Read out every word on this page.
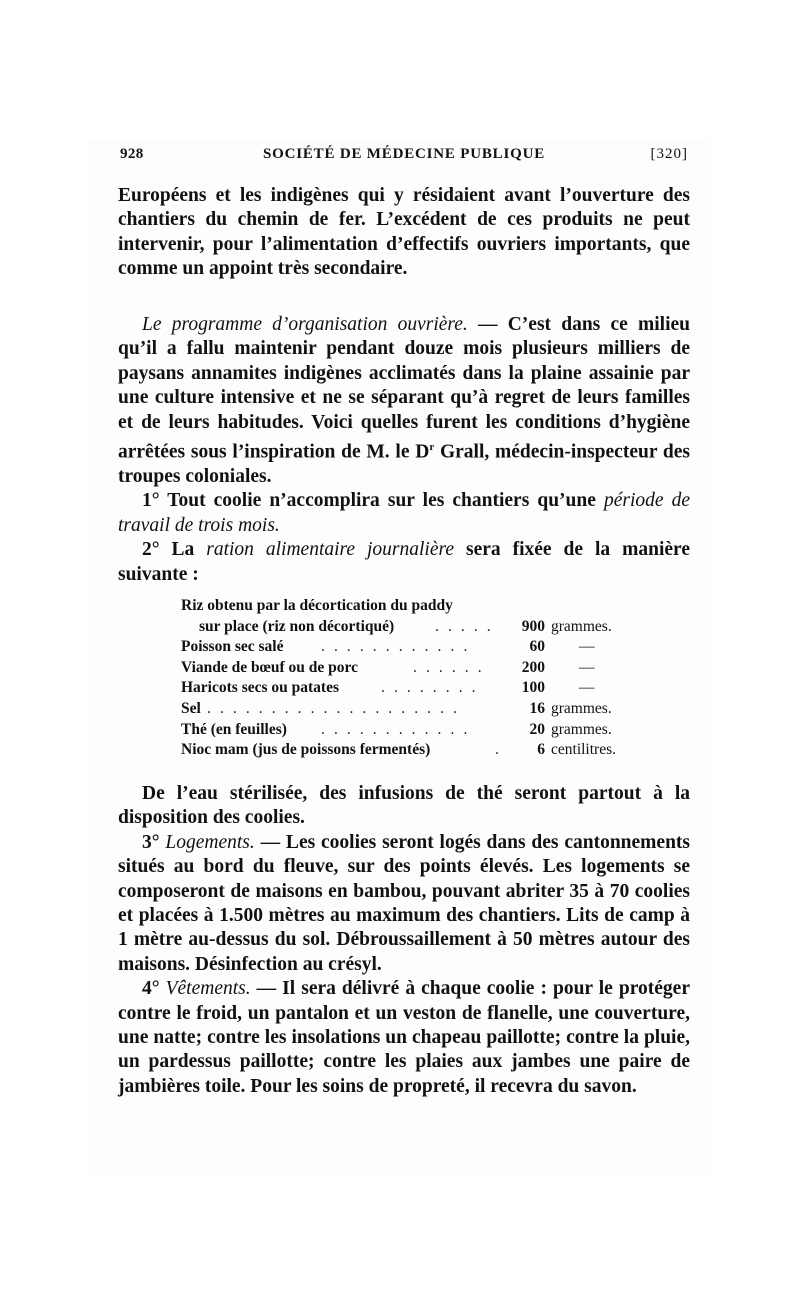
928	SOCIÉTÉ DE MÉDECINE PUBLIQUE	[320]

Européens et les indigènes qui y résidaient avant l’ouverture des chantiers du chemin de fer. L’excédent de ces produits ne peut intervenir, pour l’alimentation d’effectifs ouvriers importants, que comme un appoint très secondaire.

Le programme d’organisation ouvrière. — C’est dans ce milieu qu’il a fallu maintenir pendant douze mois plusieurs milliers de paysans annamites indigènes acclimatés dans la plaine assainie par une culture intensive et ne se séparant qu’à regret de leurs familles et de leurs habitudes. Voici quelles furent les conditions d’hygiène arrêtées sous l’inspiration de M. le $D^r$ Grall, médecin-inspecteur des troupes coloniales.

1° Tout coolie n’accomplira sur les chantiers qu’une période de travail de trois mois.

2° La ration alimentaire journalière sera fixée de la manière suivante :

Riz obtenu par la décortication du paddy
sur place (riz non décortiqué)	. . . . .	900 grammes.
Poisson sec salé . . . . . . . . . . . .	60 —
Viande de bœuf ou de porc	. . . . . .	200 —
Haricots secs ou patates	. . . . . . . .	100 —
Sel . . . . . . . . . . . . . . . . . . . .	16 grammes.
Thé (en feuilles) . . . . . . . . . . . .	20 grammes.
Nioc mam (jus de poissons fermentés)	.	6 centilitres.

De l’eau stérilisée, des infusions de thé seront partout à la disposition des coolies.

3° Logements. — Les coolies seront logés dans des cantonnements situés au bord du fleuve, sur des points élevés. Les logements se composeront de maisons en bambou, pouvant abriter 35 à 70 coolies et placées à 1.500 mètres au maximum des chantiers. Lits de camp à 1 mètre au-dessus du sol. Débroussaillement à 50 mètres autour des maisons. Désinfection au crésyl.

4° Vêtements. — Il sera délivré à chaque coolie : pour le protéger contre le froid, un pantalon et un veston de flanelle, une couverture, une natte; contre les insolations un chapeau paillotte; contre la pluie, un pardessus paillotte; contre les plaies aux jambes une paire de jambières toile. Pour les soins de propreté, il recevra du savon.
